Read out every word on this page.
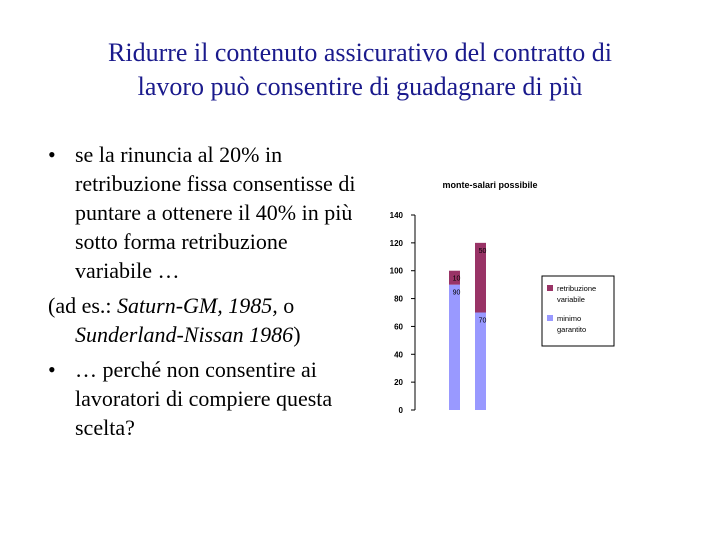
Ridurre il contenuto assicurativo del contratto di
lavoro può consentire di guadagnare di più
• se la rinuncia al 20% in retribuzione fissa consentisse di puntare a ottenere il 40% in più sotto forma retribuzione variabile …
(ad es.: Saturn-GM, 1985, o Sunderland-Nissan 1986)
• … perché non consentire ai lavoratori di compiere questa scelta?
monte-salari possibile
0
20
40
60
80
100
120
140
90
10
70
50
retribuzione
variabile
minimo
garantito
